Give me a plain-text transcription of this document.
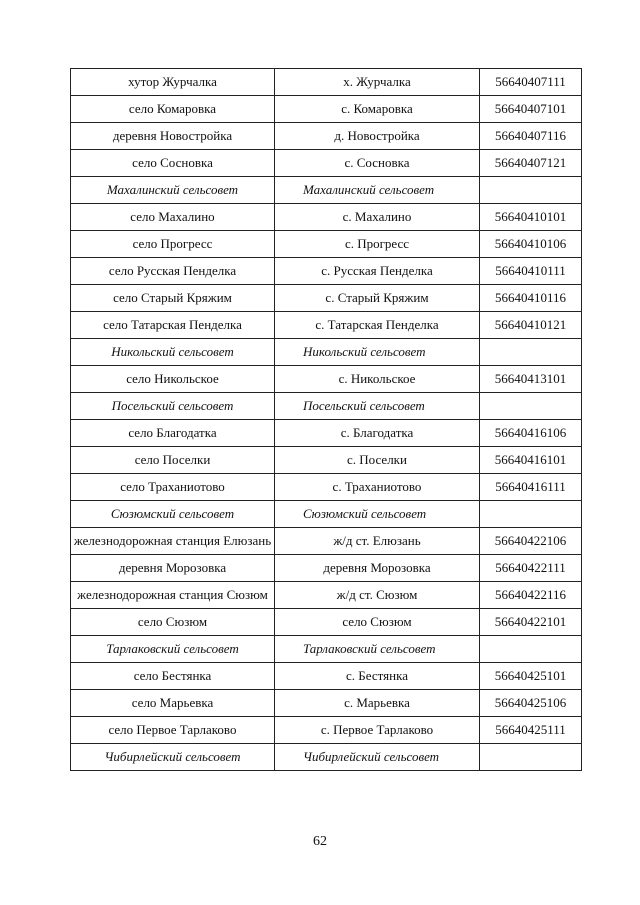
хутор Журчалка	х. Журчалка	56640407111
село Комаровка	с. Комаровка	56640407101
деревня Новостройка	д. Новостройка	56640407116
село Сосновка	с. Сосновка	56640407121
Махалинский сельсовет	Махалинский сельсовет	

село Махалино	с. Махалино	56640410101
село Прогресс	с. Прогресс	56640410106
село Русская Пенделка	с. Русская Пенделка	56640410111
село Старый Кряжим	с. Старый Кряжим	56640410116
село Татарская Пенделка	с. Татарская Пенделка	56640410121
Никольский сельсовет	Никольский сельсовет	

село Никольское	с. Никольское	56640413101
Посельский сельсовет	Посельский сельсовет	

село Благодатка	с. Благодатка	56640416106
село Поселки	с. Поселки	56640416101
село Траханиотово	с. Траханиотово	56640416111
Сюзюмский сельсовет	Сюзюмский сельсовет	

железнодорожная станция Елюзань	ж/д ст. Елюзань	56640422106
деревня Морозовка	деревня Морозовка	56640422111
железнодорожная станция Сюзюм	ж/д ст. Сюзюм	56640422116
село Сюзюм	село Сюзюм	56640422101
Тарлаковский сельсовет	Тарлаковский сельсовет	

село Бестянка	с. Бестянка	56640425101
село Марьевка	с. Марьевка	56640425106
село Первое Тарлаково	с. Первое Тарлаково	56640425111
Чибирлейский сельсовет	Чибирлейский сельсовет	

62
